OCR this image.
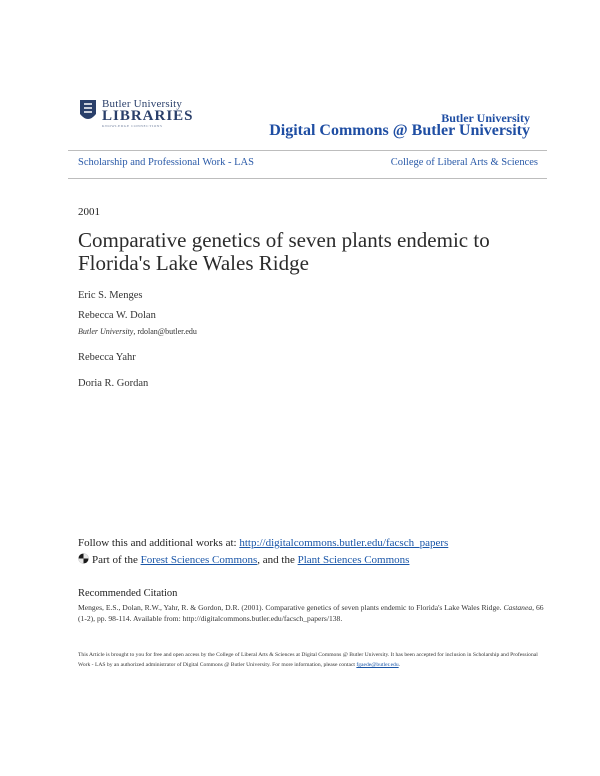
Butler University
LIBRARIES
KNOWLEDGE CONNECTIONS
Butler University
Digital Commons @ Butler University
Scholarship and Professional Work - LAS	College of Liberal Arts & Sciences
2001
Comparative genetics of seven plants endemic to Florida's Lake Wales Ridge
Eric S. Menges
Rebecca W. Dolan
Butler University, rdolan@butler.edu
Rebecca Yahr
Doria R. Gordan
Follow this and additional works at: http://digitalcommons.butler.edu/facsch_papers
Part of the Forest Sciences Commons, and the Plant Sciences Commons
Recommended Citation
Menges, E.S., Dolan, R.W., Yahr, R. & Gordon, D.R. (2001). Comparative genetics of seven plants endemic to Florida's Lake Wales Ridge. Castanea, 66 (1-2), pp. 98-114. Available from: http://digitalcommons.butler.edu/facsch_papers/138.
This Article is brought to you for free and open access by the College of Liberal Arts & Sciences at Digital Commons @ Butler University. It has been accepted for inclusion in Scholarship and Professional Work - LAS by an authorized administrator of Digital Commons @ Butler University. For more information, please contact fgaede@butler.edu.
